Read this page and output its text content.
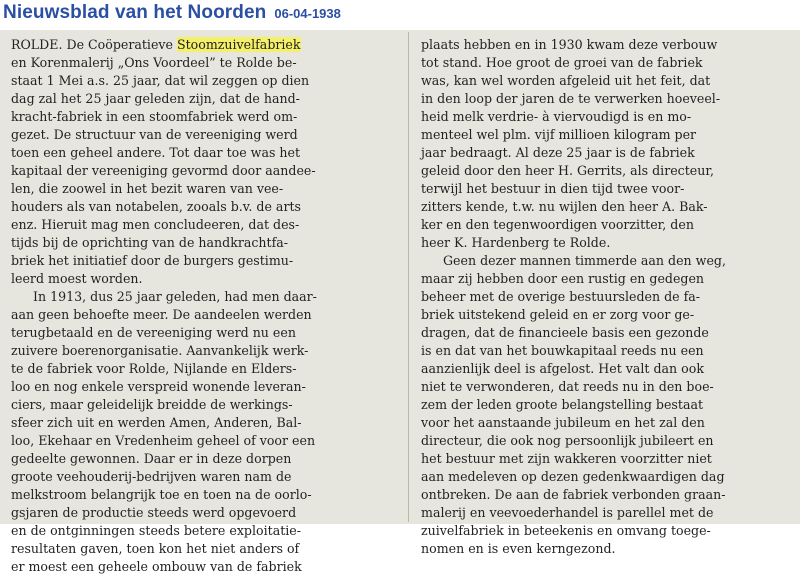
Nieuwsblad van het Noorden 06-04-1938
ROLDE. De Coöperatieve Stoomzuivelfabriek
en Korenmalerij „Ons Voordeel” te Rolde be-
staat 1 Mei a.s. 25 jaar, dat wil zeggen op dien
dag zal het 25 jaar geleden zijn, dat de hand-
kracht-fabriek in een stoomfabriek werd om-
gezet. De structuur van de vereeniging werd
toen een geheel andere. Tot daar toe was het
kapitaal der vereeniging gevormd door aandee-
len, die zoowel in het bezit waren van vee-
houders als van notabelen, zooals b.v. de arts
enz. Hieruit mag men concludeeren, dat des-
tijds bij de oprichting van de handkrachtfa-
briek het initiatief door de burgers gestimu-
leerd moest worden.
In 1913, dus 25 jaar geleden, had men daar-
aan geen behoefte meer. De aandeelen werden
terugbetaald en de vereeniging werd nu een
zuivere boerenorganisatie. Aanvankelijk werk-
te de fabriek voor Rolde, Nijlande en Elders-
loo en nog enkele verspreid wonende leveran-
ciers, maar geleidelijk breidde de werkings-
sfeer zich uit en werden Amen, Anderen, Bal-
loo, Ekehaar en Vredenheim geheel of voor een
gedeelte gewonnen. Daar er in deze dorpen
groote veehouderij-bedrijven waren nam de
melkstroom belangrijk toe en toen na de oorlo-
gsjaren de productie steeds werd opgevoerd
en de ontginningen steeds betere exploitatie-
resultaten gaven, toen kon het niet anders of
er moest een geheele ombouw van de fabriek
plaats hebben en in 1930 kwam deze verbouw
tot stand. Hoe groot de groei van de fabriek
was, kan wel worden afgeleid uit het feit, dat
in den loop der jaren de te verwerken hoeveel-
heid melk verdrie- à viervoudigd is en mo-
menteel wel plm. vijf millioen kilogram per
jaar bedraagt. Al deze 25 jaar is de fabriek
geleid door den heer H. Gerrits, als directeur,
terwijl het bestuur in dien tijd twee voor-
zitters kende, t.w. nu wijlen den heer A. Bak-
ker en den tegenwoordigen voorzitter, den
heer K. Hardenberg te Rolde.
Geen dezer mannen timmerde aan den weg,
maar zij hebben door een rustig en gedegen
beheer met de overige bestuursleden de fa-
briek uitstekend geleid en er zorg voor ge-
dragen, dat de financieele basis een gezonde
is en dat van het bouwkapitaal reeds nu een
aanzienlijk deel is afgelost. Het valt dan ook
niet te verwonderen, dat reeds nu in den boe-
zem der leden groote belangstelling bestaat
voor het aanstaande jubileum en het zal den
directeur, die ook nog persoonlijk jubileert en
het bestuur met zijn wakkeren voorzitter niet
aan medeleven op dezen gedenkwaardigen dag
ontbreken. De aan de fabriek verbonden graan-
malerij en veevoederhandel is parellel met de
zuivelfabriek in beteekenis en omvang toege-
nomen en is even kerngezond.
